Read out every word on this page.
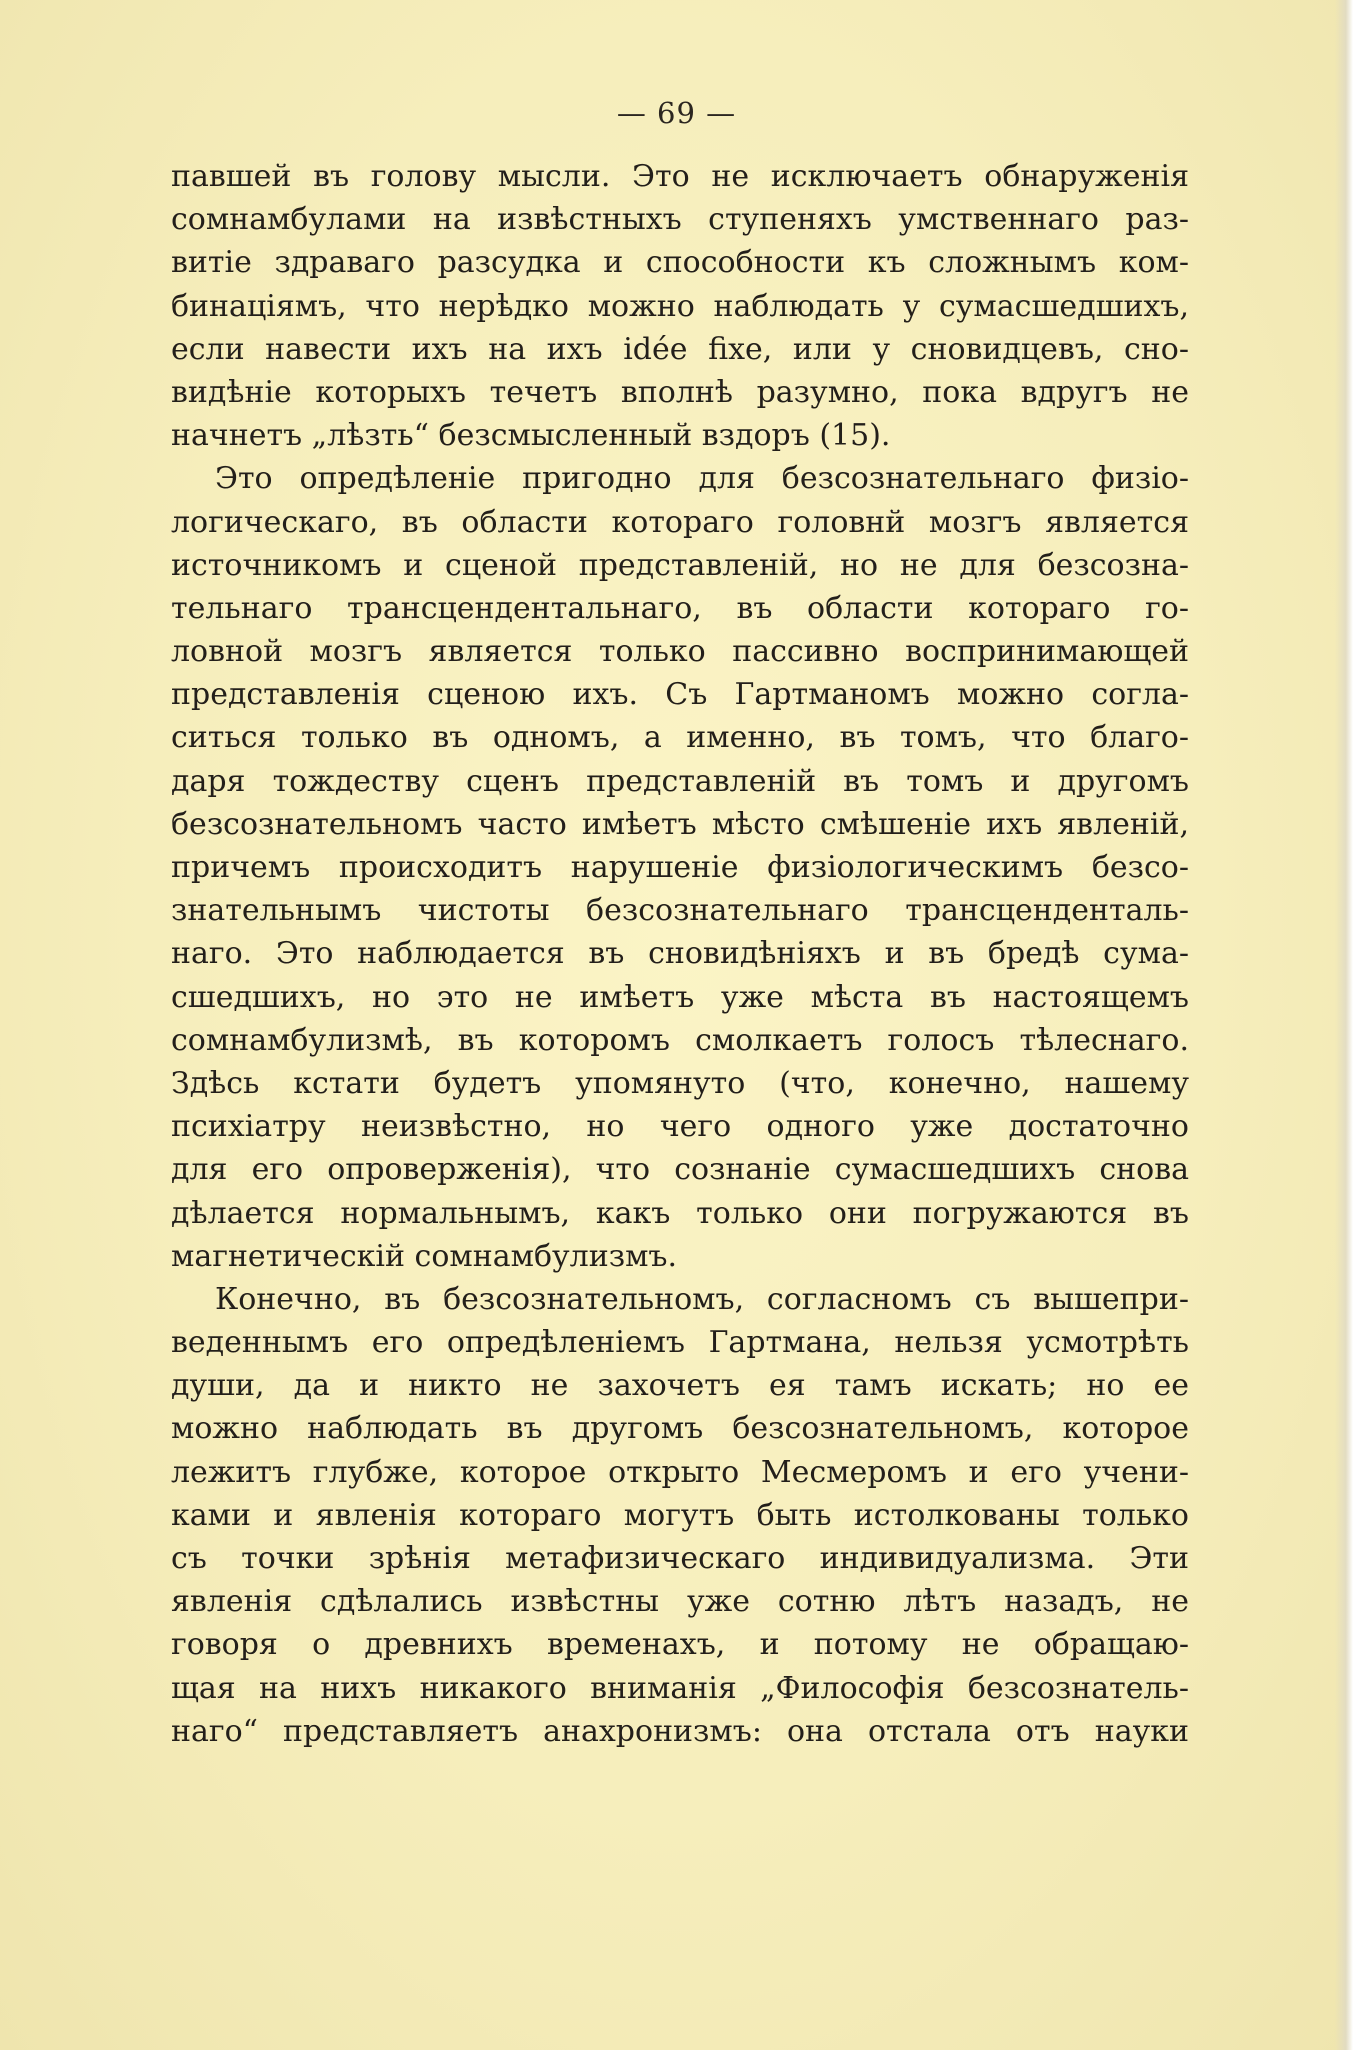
— 69 —
павшей въ голову мысли. Это не исключаетъ обнаруженія
сомнамбулами на извѣстныхъ ступеняхъ умственнаго раз-
витіе здраваго разсудка и способности къ сложнымъ ком-
бинаціямъ, что нерѣдко можно наблюдать у сумасшедшихъ,
если навести ихъ на ихъ idée fixe, или у сновидцевъ, сно-
видѣніе которыхъ течетъ вполнѣ разумно, пока вдругъ не
начнетъ „лѣзть“ безсмысленный вздоръ (15).
Это опредѣленіе пригодно для безсознательнаго физіо-
логическаго, въ области котораго головнй мозгъ является
источникомъ и сценой представленій, но не для безсозна-
тельнаго трансцендентальнаго, въ области котораго го-
ловной мозгъ является только пассивно воспринимающей
представленія сценою ихъ. Съ Гартманомъ можно согла-
ситься только въ одномъ, а именно, въ томъ, что благо-
даря тождеству сценъ представленій въ томъ и другомъ
безсознательномъ часто имѣетъ мѣсто смѣшеніе ихъ явленій,
причемъ происходитъ нарушеніе физіологическимъ безсо-
знательнымъ чистоты безсознательнаго трансценденталь-
наго. Это наблюдается въ сновидѣніяхъ и въ бредѣ сума-
сшедшихъ, но это не имѣетъ уже мѣста въ настоящемъ
сомнамбулизмѣ, въ которомъ смолкаетъ голосъ тѣлеснаго.
Здѣсь кстати будетъ упомянуто (что, конечно, нашему
психіатру неизвѣстно, но чего одного уже достаточно
для его опроверженія), что сознаніе сумасшедшихъ снова
дѣлается нормальнымъ, какъ только они погружаются въ
магнетическій сомнамбулизмъ.
Конечно, въ безсознательномъ, согласномъ съ вышепри-
веденнымъ его опредѣленіемъ Гартмана, нельзя усмотрѣть
души, да и никто не захочетъ ея тамъ искать; но ее
можно наблюдать въ другомъ безсознательномъ, которое
лежитъ глубже, которое открыто Месмеромъ и его учени-
ками и явленія котораго могутъ быть истолкованы только
съ точки зрѣнія метафизическаго индивидуализма. Эти
явленія сдѣлались извѣстны уже сотню лѣтъ назадъ, не
говоря о древнихъ временахъ, и потому не обращаю-
щая на нихъ никакого вниманія „Философія безсознатель-
наго“ представляетъ анахронизмъ: она отстала отъ науки
